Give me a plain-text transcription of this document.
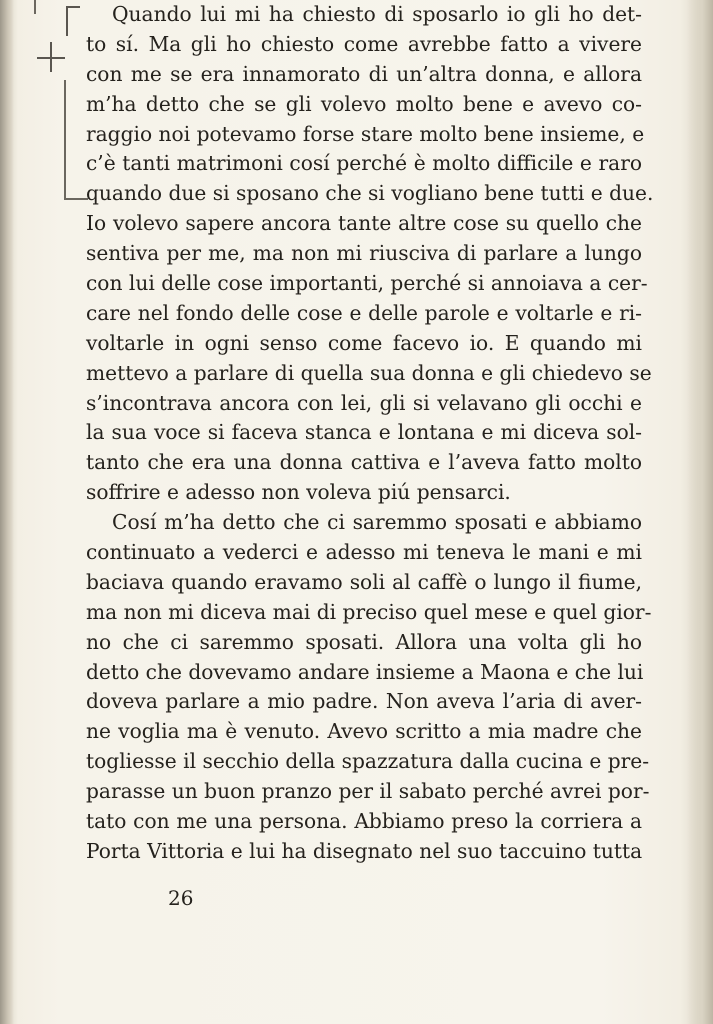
Quando lui mi ha chiesto di sposarlo io gli ho det-
to sí. Ma gli ho chiesto come avrebbe fatto a vivere
con me se era innamorato di un’altra donna, e allora
m’ha detto che se gli volevo molto bene e avevo co-
raggio noi potevamo forse stare molto bene insieme, e
c’è tanti matrimoni cosí perché è molto difficile e raro
quando due si sposano che si vogliano bene tutti e due.
Io volevo sapere ancora tante altre cose su quello che
sentiva per me, ma non mi riusciva di parlare a lungo
con lui delle cose importanti, perché si annoiava a cer-
care nel fondo delle cose e delle parole e voltarle e ri-
voltarle in ogni senso come facevo io. E quando mi
mettevo a parlare di quella sua donna e gli chiedevo se
s’incontrava ancora con lei, gli si velavano gli occhi e
la sua voce si faceva stanca e lontana e mi diceva sol-
tanto che era una donna cattiva e l’aveva fatto molto
soffrire e adesso non voleva piú pensarci.
Cosí m’ha detto che ci saremmo sposati e abbiamo
continuato a vederci e adesso mi teneva le mani e mi
baciava quando eravamo soli al caffè o lungo il fiume,
ma non mi diceva mai di preciso quel mese e quel gior-
no che ci saremmo sposati. Allora una volta gli ho
detto che dovevamo andare insieme a Maona e che lui
doveva parlare a mio padre. Non aveva l’aria di aver-
ne voglia ma è venuto. Avevo scritto a mia madre che
togliesse il secchio della spazzatura dalla cucina e pre-
parasse un buon pranzo per il sabato perché avrei por-
tato con me una persona. Abbiamo preso la corriera a
Porta Vittoria e lui ha disegnato nel suo taccuino tutta
26
